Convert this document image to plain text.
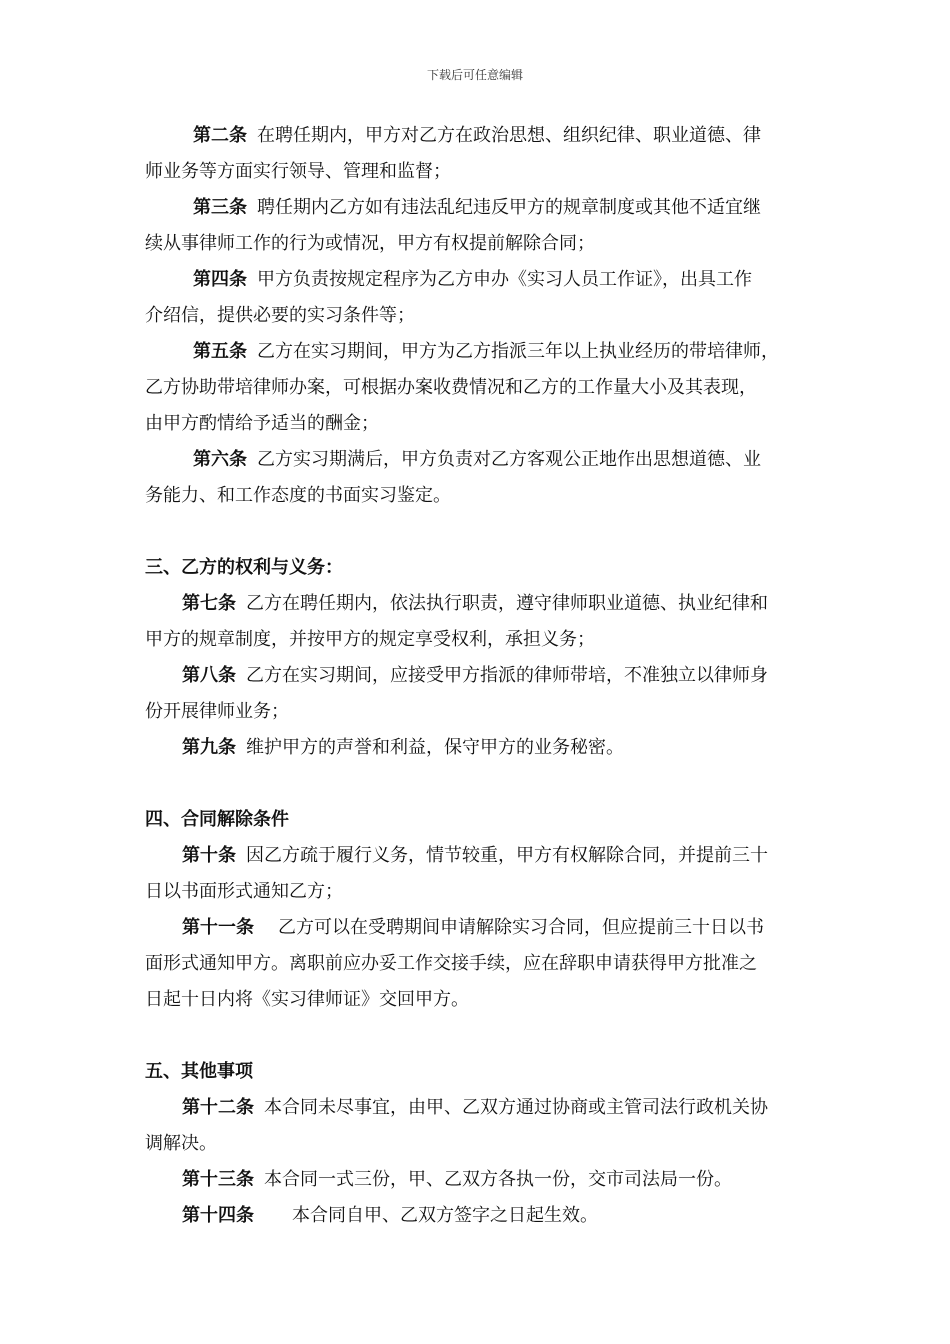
下载后可任意编辑
第二条 在聘任期内，甲方对乙方在政治思想、组织纪律、职业道德、律
师业务等方面实行领导、管理和监督；
第三条 聘任期内乙方如有违法乱纪违反甲方的规章制度或其他不适宜继
续从事律师工作的行为或情况，甲方有权提前解除合同；
第四条 甲方负责按规定程序为乙方申办《实习人员工作证》，出具工作
介绍信，提供必要的实习条件等；
第五条 乙方在实习期间，甲方为乙方指派三年以上执业经历的带培律师，
乙方协助带培律师办案，可根据办案收费情况和乙方的工作量大小及其表现，
由甲方酌情给予适当的酬金；
第六条 乙方实习期满后，甲方负责对乙方客观公正地作出思想道德、业
务能力、和工作态度的书面实习鉴定。
三、乙方的权利与义务：
第七条 乙方在聘任期内，依法执行职责，遵守律师职业道德、执业纪律和
甲方的规章制度，并按甲方的规定享受权利，承担义务；
第八条 乙方在实习期间，应接受甲方指派的律师带培，不准独立以律师身
份开展律师业务；
第九条 维护甲方的声誉和利益，保守甲方的业务秘密。
四、合同解除条件
第十条 因乙方疏于履行义务，情节较重，甲方有权解除合同，并提前三十
日以书面形式通知乙方；
第十一条 乙方可以在受聘期间申请解除实习合同，但应提前三十日以书
面形式通知甲方。离职前应办妥工作交接手续，应在辞职申请获得甲方批准之
日起十日内将《实习律师证》交回甲方。
五、其他事项
第十二条 本合同未尽事宜，由甲、乙双方通过协商或主管司法行政机关协
调解决。
第十三条 本合同一式三份，甲、乙双方各执一份，交市司法局一份。
第十四条 本合同自甲、乙双方签字之日起生效。
